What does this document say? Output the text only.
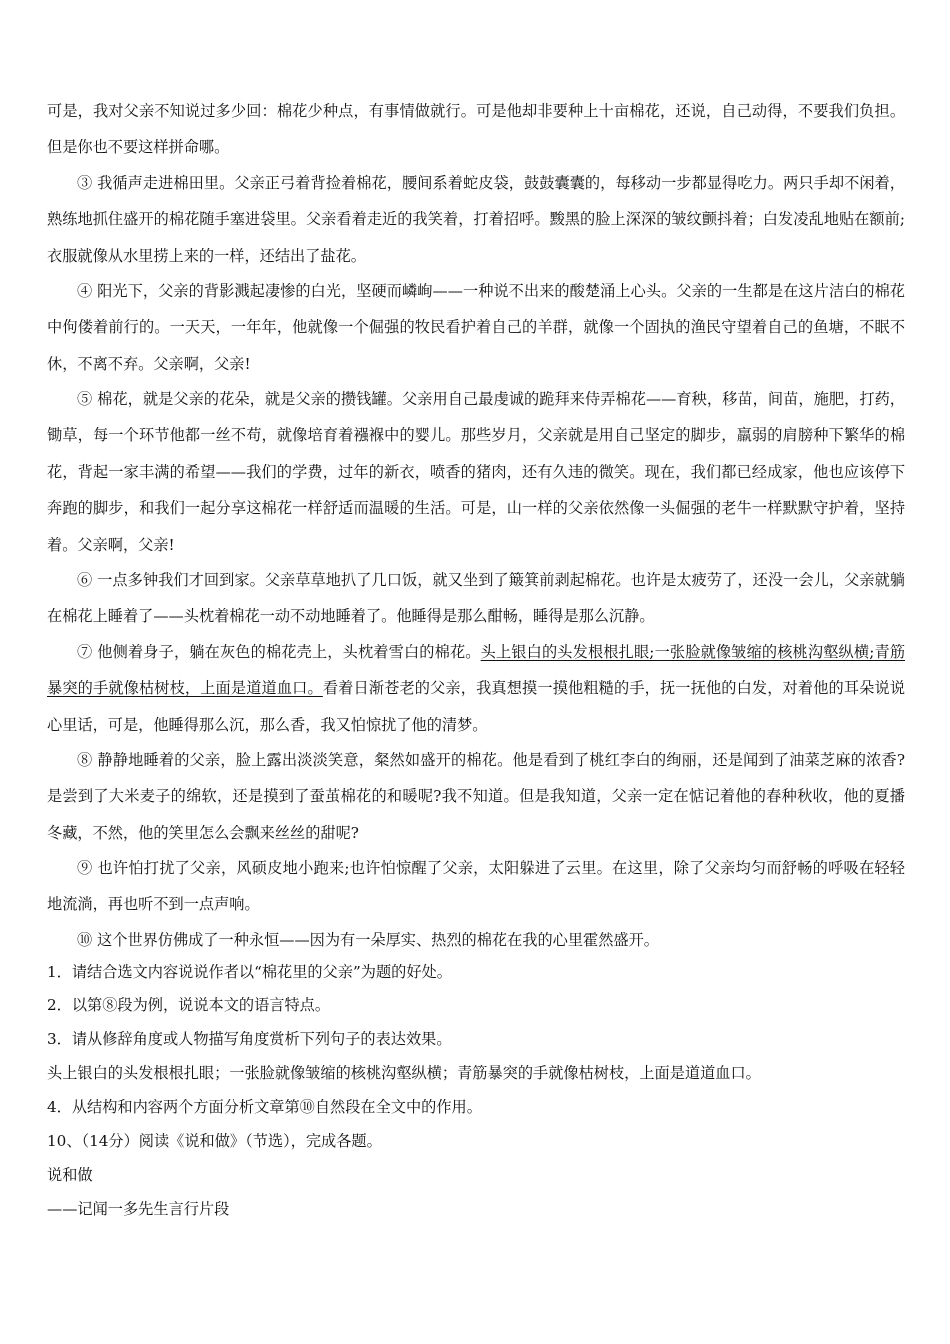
可是，我对父亲不知说过多少回：棉花少种点，有事情做就行。可是他却非要种上十亩棉花，还说，自己动得，不要我们负担。但是你也不要这样拼命哪。

③ 我循声走进棉田里。父亲正弓着背捡着棉花，腰间系着蛇皮袋，鼓鼓囊囊的，每移动一步都显得吃力。两只手却不闲着，熟练地抓住盛开的棉花随手塞进袋里。父亲看着走近的我笑着，打着招呼。黢黑的脸上深深的皱纹颤抖着；白发凌乱地贴在额前;衣服就像从水里捞上来的一样，还结出了盐花。

④ 阳光下，父亲的背影溅起凄惨的白光，坚硬而嶙峋——一种说不出来的酸楚涌上心头。父亲的一生都是在这片洁白的棉花中佝偻着前行的。一天天，一年年，他就像一个倔强的牧民看护着自己的羊群，就像一个固执的渔民守望着自己的鱼塘，不眠不休，不离不弃。父亲啊，父亲!

⑤ 棉花，就是父亲的花朵，就是父亲的攒钱罐。父亲用自己最虔诚的跪拜来侍弄棉花——育秧，移苗，间苗，施肥，打药，锄草，每一个环节他都一丝不苟，就像培育着襁褓中的婴儿。那些岁月，父亲就是用自己坚定的脚步，羸弱的肩膀种下繁华的棉花，背起一家丰满的希望——我们的学费，过年的新衣，喷香的猪肉，还有久违的微笑。现在，我们都已经成家，他也应该停下奔跑的脚步，和我们一起分享这棉花一样舒适而温暖的生活。可是，山一样的父亲依然像一头倔强的老牛一样默默守护着，坚持着。父亲啊，父亲!

⑥ 一点多钟我们才回到家。父亲草草地扒了几口饭，就又坐到了簸箕前剥起棉花。也许是太疲劳了，还没一会儿，父亲就躺在棉花上睡着了——头枕着棉花一动不动地睡着了。他睡得是那么酣畅，睡得是那么沉静。

⑦ 他侧着身子，躺在灰色的棉花壳上，头枕着雪白的棉花。头上银白的头发根根扎眼;一张脸就像皱缩的核桃沟壑纵横;青筋暴突的手就像枯树枝，上面是道道血口。看着日渐苍老的父亲，我真想摸一摸他粗糙的手，抚一抚他的白发，对着他的耳朵说说心里话，可是，他睡得那么沉，那么香，我又怕惊扰了他的清梦。

⑧ 静静地睡着的父亲，脸上露出淡淡笑意，粲然如盛开的棉花。他是看到了桃红李白的绚丽，还是闻到了油菜芝麻的浓香?是尝到了大米麦子的绵软，还是摸到了蚕茧棉花的和暖呢?我不知道。但是我知道，父亲一定在惦记着他的春种秋收，他的夏播冬藏，不然，他的笑里怎么会飘来丝丝的甜呢?

⑨ 也许怕打扰了父亲，风硕皮地小跑来;也许怕惊醒了父亲，太阳躲进了云里。在这里，除了父亲均匀而舒畅的呼吸在轻轻地流淌，再也听不到一点声响。

⑩ 这个世界仿佛成了一种永恒——因为有一朵厚实、热烈的棉花在我的心里霍然盛开。

1．请结合选文内容说说作者以“棉花里的父亲”为题的好处。

2．以第⑧段为例，说说本文的语言特点。

3．请从修辞角度或人物描写角度赏析下列句子的表达效果。

头上银白的头发根根扎眼；一张脸就像皱缩的核桃沟壑纵横；青筋暴突的手就像枯树枝，上面是道道血口。

4．从结构和内容两个方面分析文章第⑩自然段在全文中的作用。

10、（14分）阅读《说和做》（节选），完成各题。

说和做

——记闻一多先生言行片段
